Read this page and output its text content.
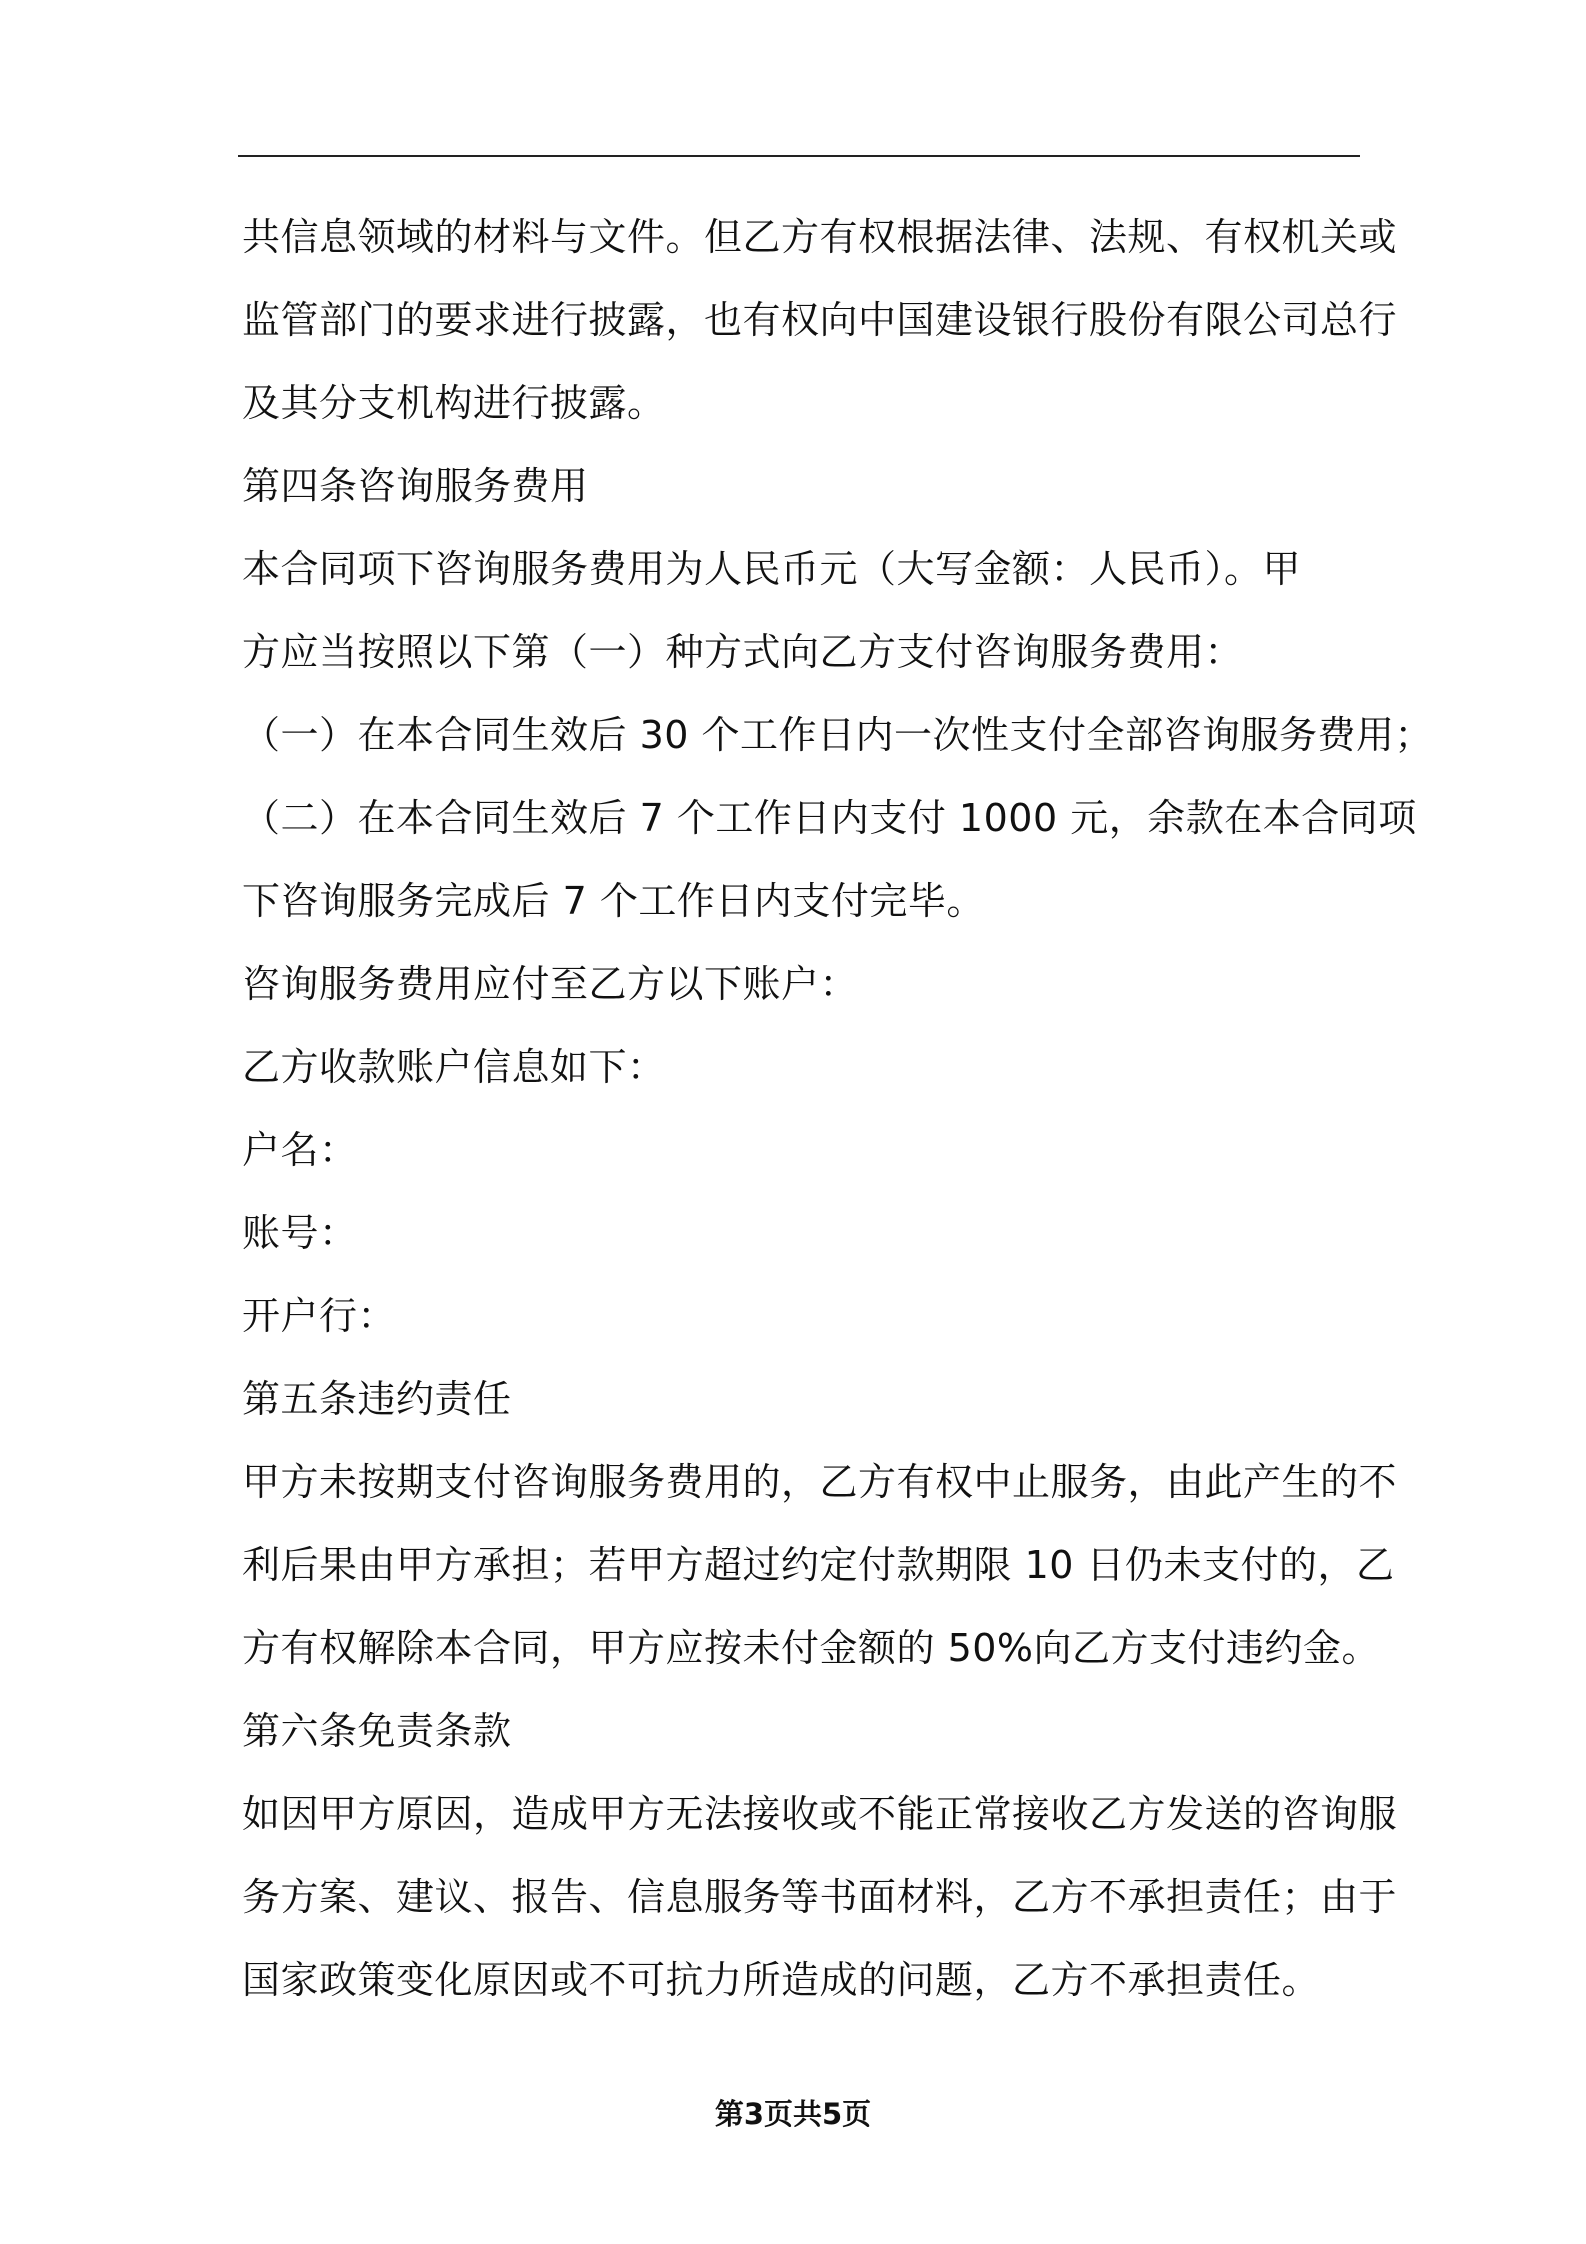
共信息领域的材料与文件。但乙方有权根据法律、法规、有权机关或
监管部门的要求进行披露，也有权向中国建设银行股份有限公司总行
及其分支机构进行披露。
第四条咨询服务费用
本合同项下咨询服务费用为人民币元（大写金额：人民币）。甲
方应当按照以下第（一）种方式向乙方支付咨询服务费用：
（一）在本合同生效后 30 个工作日内一次性支付全部咨询服务费用；
（二）在本合同生效后 7 个工作日内支付 1000 元，余款在本合同项
下咨询服务完成后 7 个工作日内支付完毕。
咨询服务费用应付至乙方以下账户：
乙方收款账户信息如下：
户名：
账号：
开户行：
第五条违约责任
甲方未按期支付咨询服务费用的，乙方有权中止服务，由此产生的不
利后果由甲方承担；若甲方超过约定付款期限 10 日仍未支付的，乙
方有权解除本合同，甲方应按未付金额的 50%向乙方支付违约金。
第六条免责条款
如因甲方原因，造成甲方无法接收或不能正常接收乙方发送的咨询服
务方案、建议、报告、信息服务等书面材料，乙方不承担责任；由于
国家政策变化原因或不可抗力所造成的问题，乙方不承担责任。
第3页共5页
